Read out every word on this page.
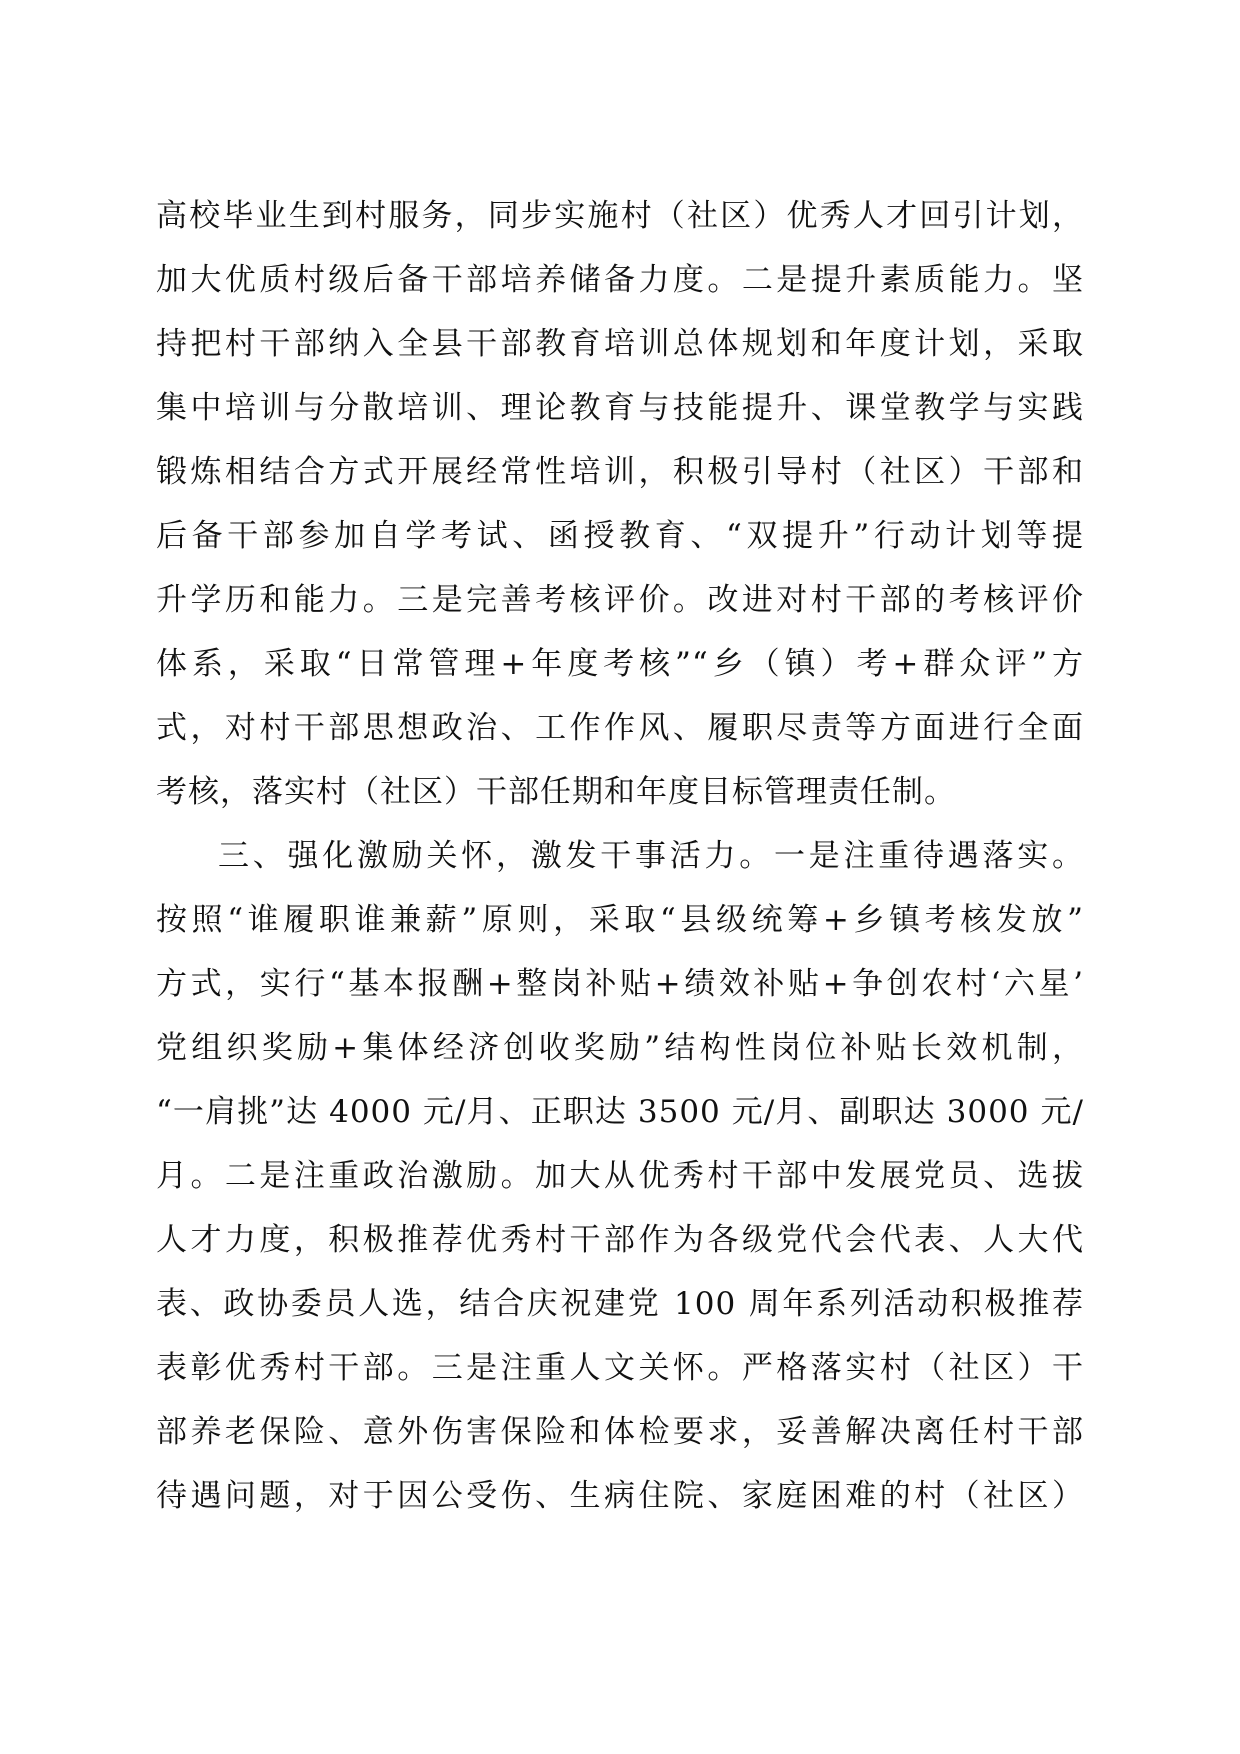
高校毕业生到村服务，同步实施村（社区）优秀人才回引计划，
加大优质村级后备干部培养储备力度。二是提升素质能力。坚
持把村干部纳入全县干部教育培训总体规划和年度计划，采取
集中培训与分散培训、理论教育与技能提升、课堂教学与实践
锻炼相结合方式开展经常性培训，积极引导村（社区）干部和
后备干部参加自学考试、函授教育、“双提升”行动计划等提
升学历和能力。三是完善考核评价。改进对村干部的考核评价
体系，采取“日常管理+年度考核”“乡（镇）考+群众评”方
式，对村干部思想政治、工作作风、履职尽责等方面进行全面
考核，落实村（社区）干部任期和年度目标管理责任制。
三、强化激励关怀，激发干事活力。一是注重待遇落实。
按照“谁履职谁兼薪”原则，采取“县级统筹+乡镇考核发放”
方式，实行“基本报酬+整岗补贴+绩效补贴+争创农村‘六星’
党组织奖励+集体经济创收奖励”结构性岗位补贴长效机制，
“一肩挑”达 4000 元/月、正职达 3500 元/月、副职达 3000 元/
月。二是注重政治激励。加大从优秀村干部中发展党员、选拔
人才力度，积极推荐优秀村干部作为各级党代会代表、人大代
表、政协委员人选，结合庆祝建党 100 周年系列活动积极推荐
表彰优秀村干部。三是注重人文关怀。严格落实村（社区）干
部养老保险、意外伤害保险和体检要求，妥善解决离任村干部
待遇问题，对于因公受伤、生病住院、家庭困难的村（社区）
